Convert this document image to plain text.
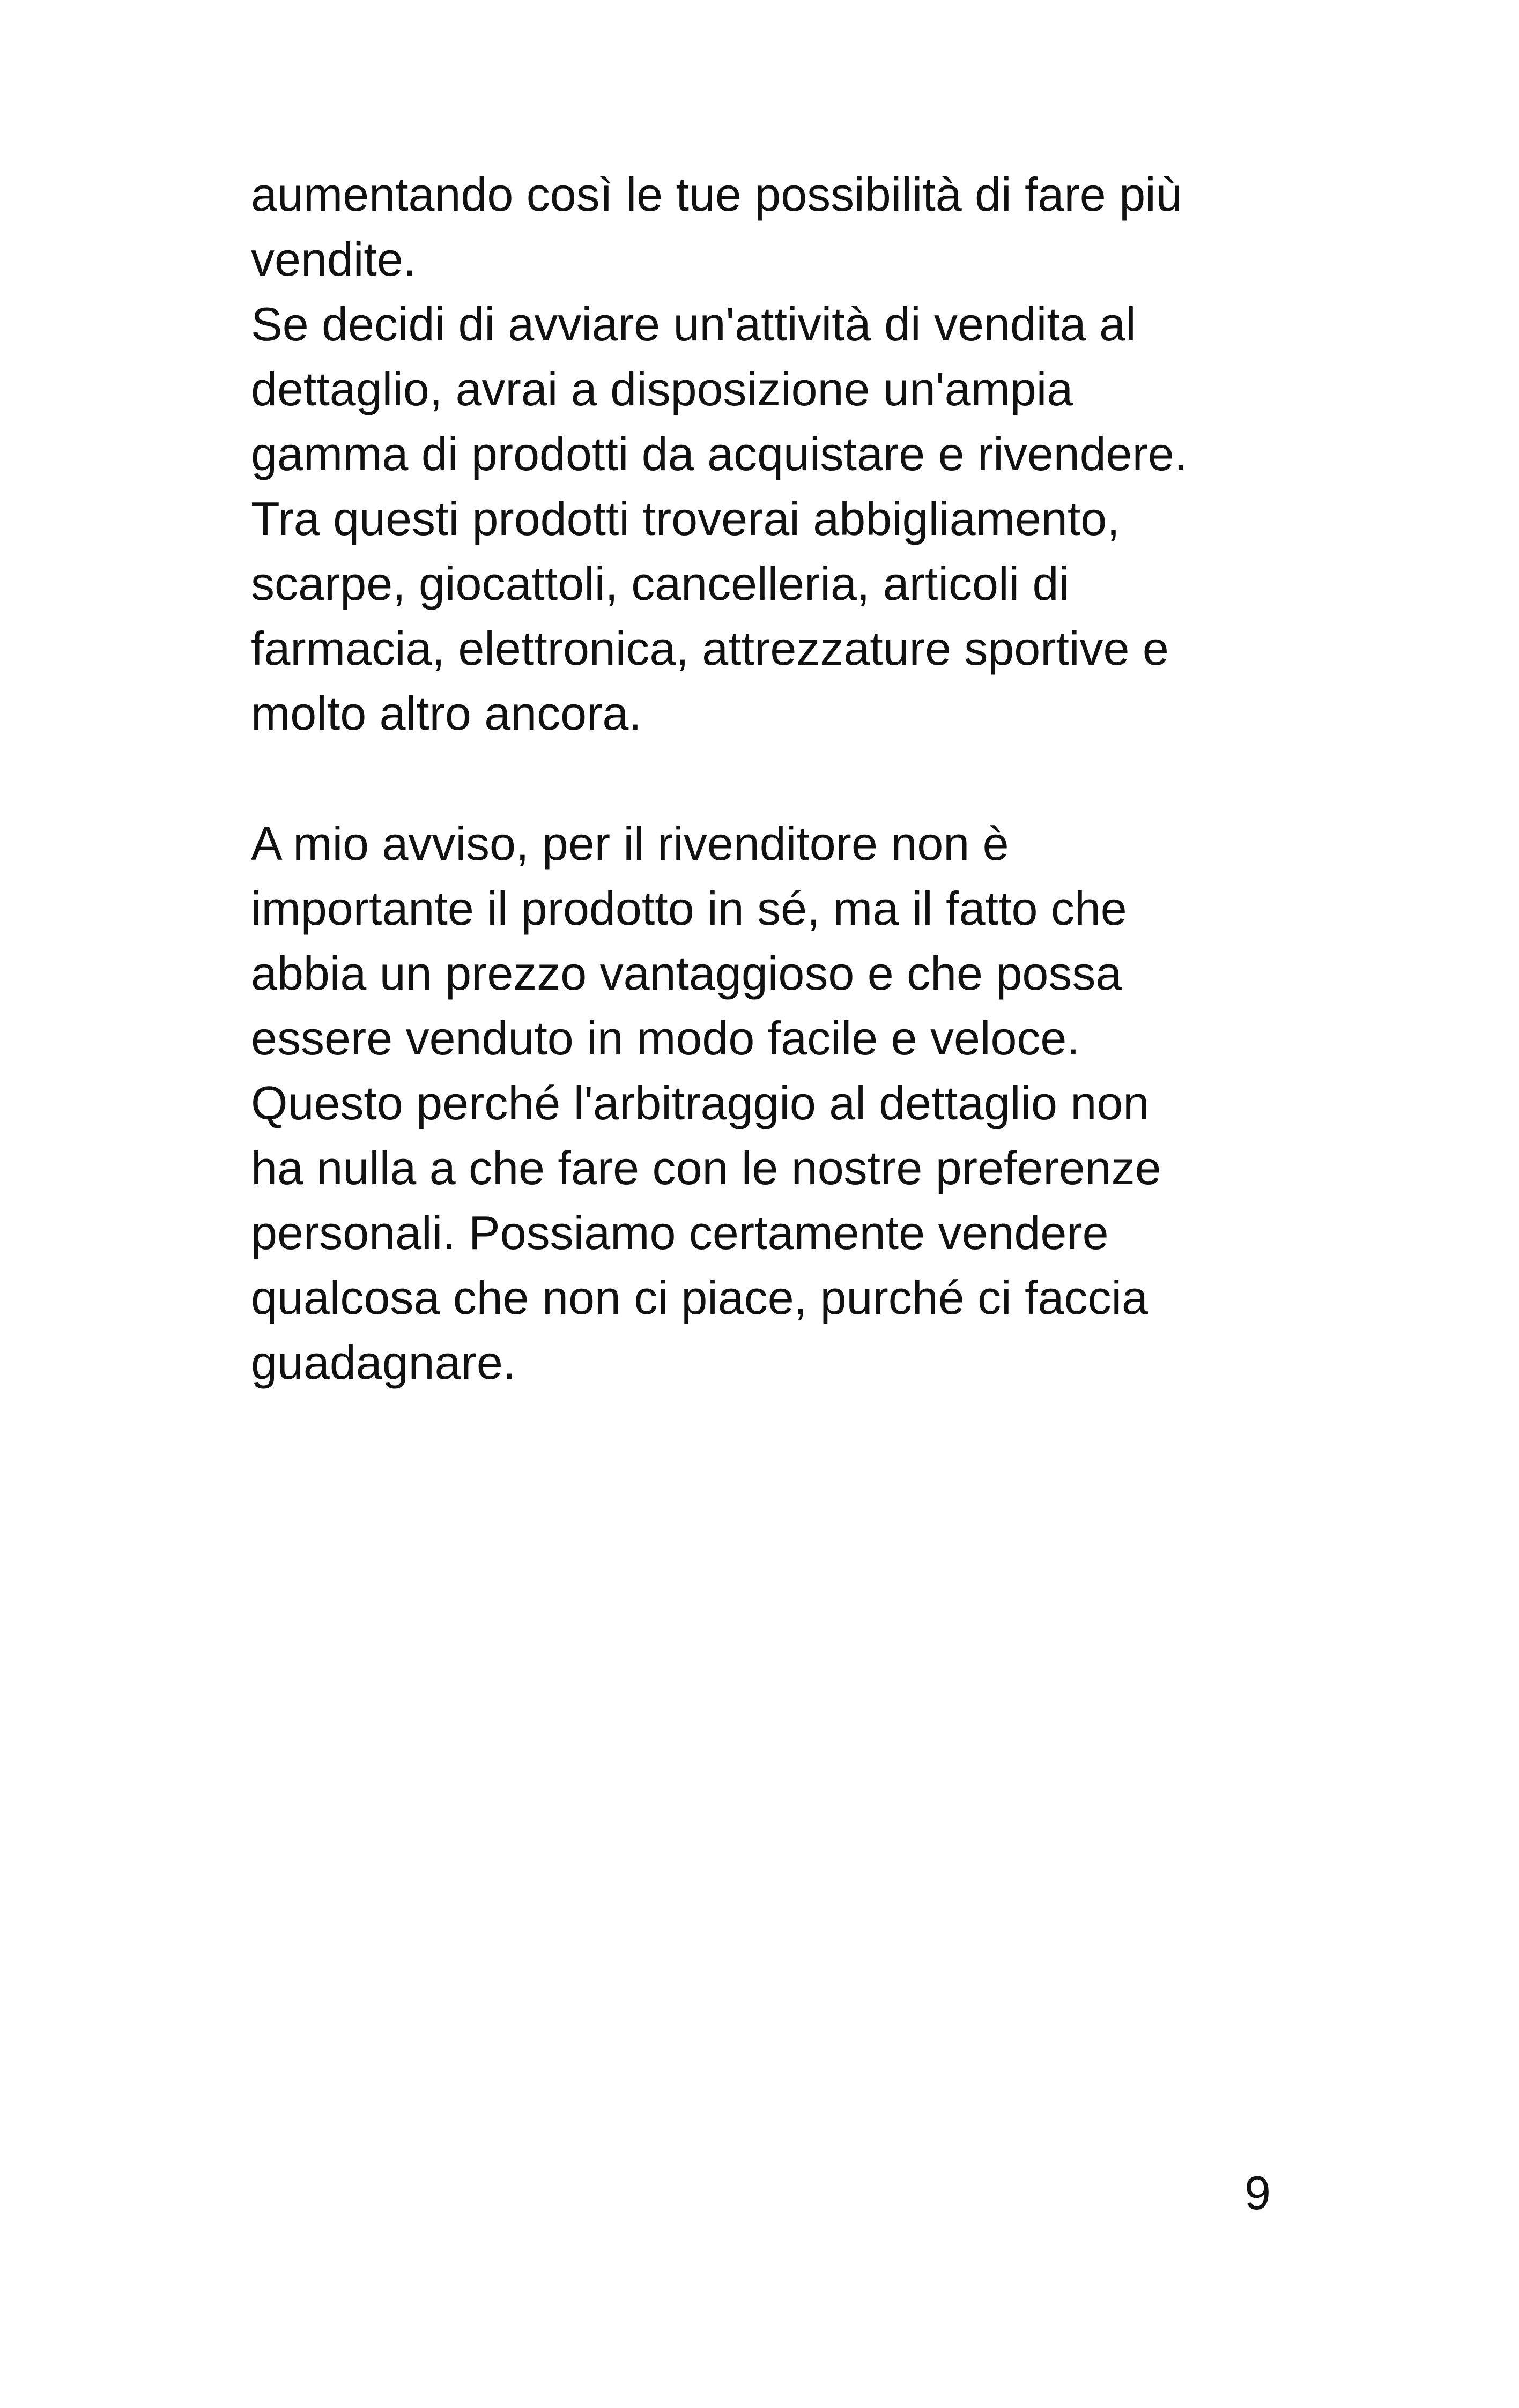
aumentando così le tue possibilità di fare più
vendite.
Se decidi di avviare un'attività di vendita al
dettaglio, avrai a disposizione un'ampia
gamma di prodotti da acquistare e rivendere.
Tra questi prodotti troverai abbigliamento,
scarpe, giocattoli, cancelleria, articoli di
farmacia, elettronica, attrezzature sportive e
molto altro ancora.
A mio avviso, per il rivenditore non è
importante il prodotto in sé, ma il fatto che
abbia un prezzo vantaggioso e che possa
essere venduto in modo facile e veloce.
Questo perché l'arbitraggio al dettaglio non
ha nulla a che fare con le nostre preferenze
personali. Possiamo certamente vendere
qualcosa che non ci piace, purché ci faccia
guadagnare.
9
